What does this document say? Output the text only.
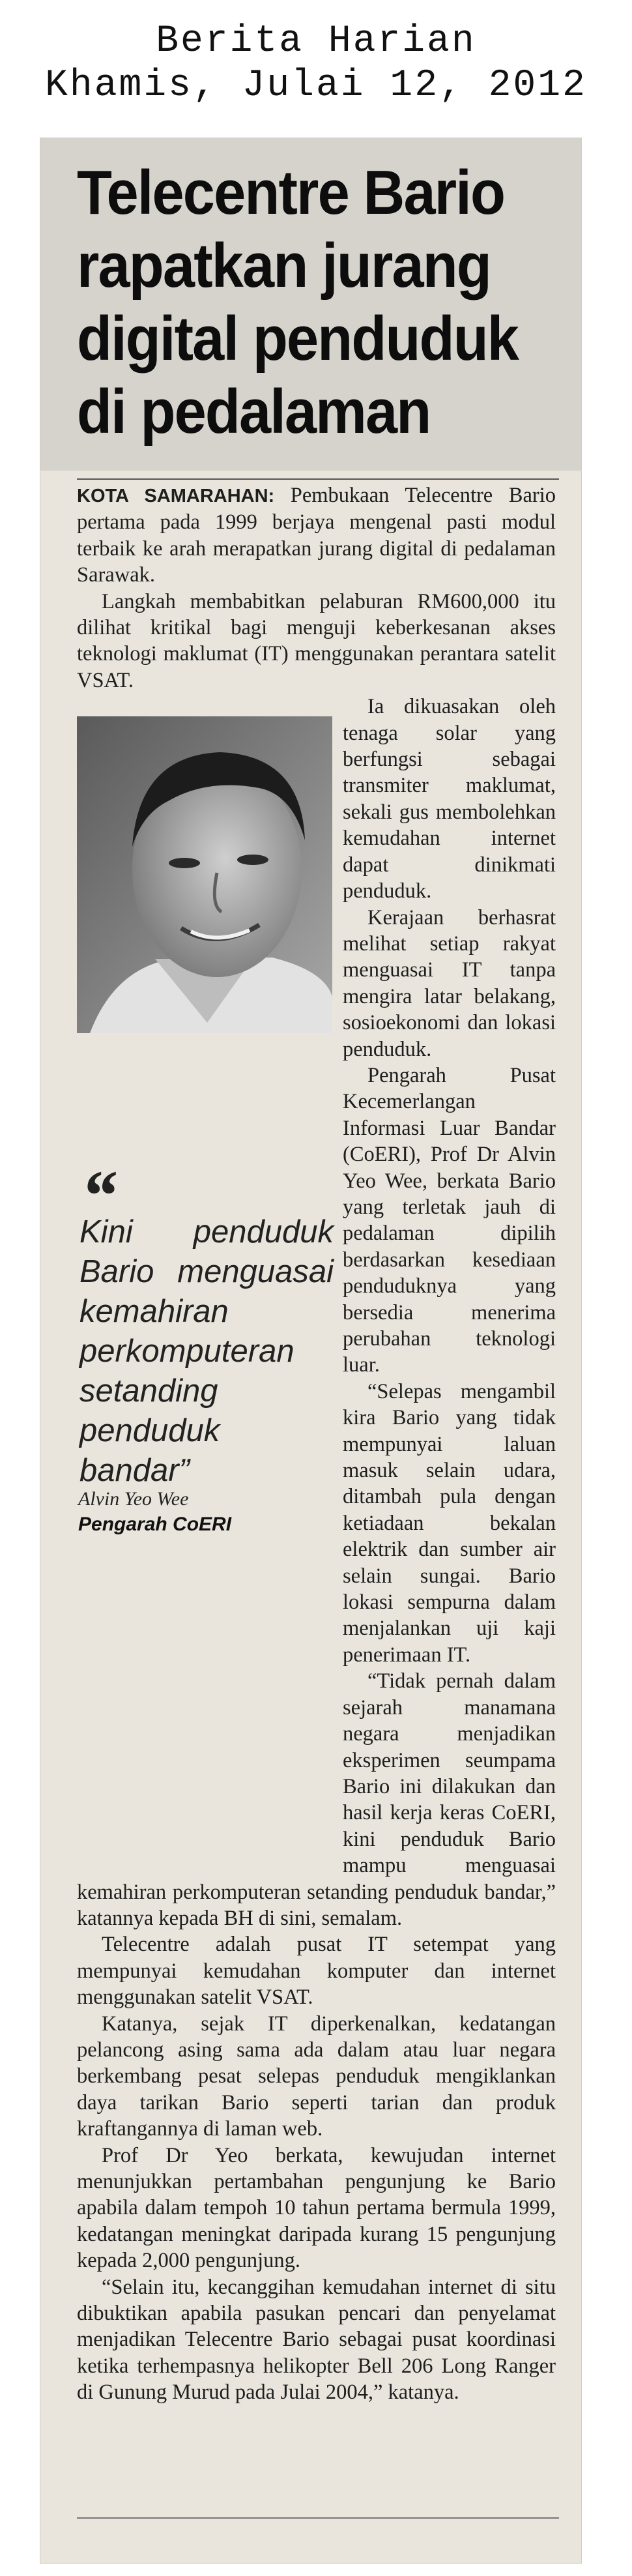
Berita Harian
Khamis, Julai 12, 2012
Telecentre Bario
rapatkan jurang
digital penduduk
di pedalaman

KOTA SAMARAHAN: Pembukaan Telecentre Bario pertama pada 1999 berjaya mengenal pasti modul terbaik ke arah merapatkan jurang digital di pedalaman Sarawak.

Langkah membabitkan pelaburan RM600,000 itu dilihat kritikal bagi menguji keberkesanan akses teknologi maklumat (IT) menggunakan perantara satelit VSAT.

“
Kini penduduk Bario menguasai kemahiran perkomputeran setanding penduduk bandar”
Alvin Yeo Wee
Pengarah CoERI

Ia dikuasakan oleh tenaga solar yang berfungsi sebagai transmiter maklumat, sekali gus membolehkan kemudahan internet dapat dinikmati penduduk.

Kerajaan berhasrat melihat setiap rakyat menguasai IT tanpa mengira latar belakang, sosioekonomi dan lokasi penduduk.

Pengarah Pusat Kecemerlangan Informasi Luar Bandar (CoERI), Prof Dr Alvin Yeo Wee, berkata Bario yang terletak jauh di pedalaman dipilih berdasarkan kesediaan penduduknya yang bersedia menerima perubahan teknologi luar.

“Selepas mengambil kira Bario yang tidak mempunyai laluan masuk selain udara, ditambah pula dengan ketiadaan bekalan elektrik dan sumber air selain sungai. Bario lokasi sempurna dalam menjalankan uji kaji penerimaan IT.

“Tidak pernah dalam sejarah manamana negara menjadikan eksperimen seumpama Bario ini dilakukan dan hasil kerja keras CoERI, kini penduduk Bario mampu menguasai kemahiran perkomputeran setanding penduduk bandar,” katannya kepada BH di sini, semalam.

Telecentre adalah pusat IT setempat yang mempunyai kemudahan komputer dan internet menggunakan satelit VSAT.

Katanya, sejak IT diperkenalkan, kedatangan pelancong asing sama ada dalam atau luar negara berkembang pesat selepas penduduk mengiklankan daya tarikan Bario seperti tarian dan produk kraftangannya di laman web.

Prof Dr Yeo berkata, kewujudan internet menunjukkan pertambahan pengunjung ke Bario apabila dalam tempoh 10 tahun pertama bermula 1999, kedatangan meningkat daripada kurang 15 pengunjung kepada 2,000 pengunjung.

“Selain itu, kecanggihan kemudahan internet di situ dibuktikan apabila pasukan pencari dan penyelamat menjadikan Telecentre Bario sebagai pusat koordinasi ketika terhempasnya helikopter Bell 206 Long Ranger di Gunung Murud pada Julai 2004,” katanya.
